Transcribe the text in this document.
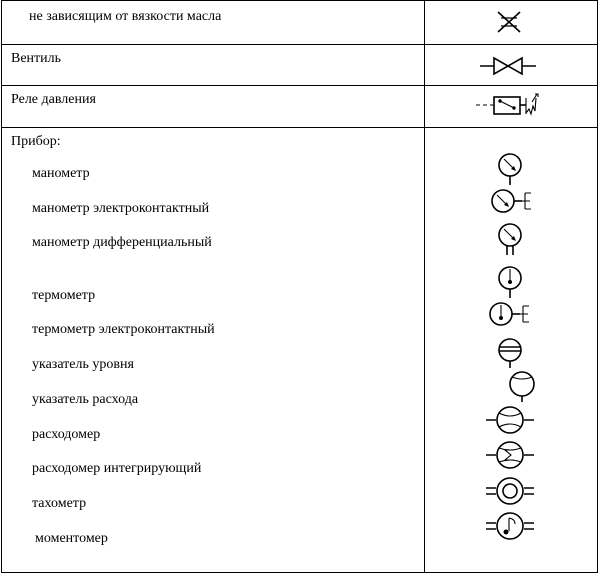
не зависящим от вязкости масла
Вентиль
Реле давления
Прибор:
манометр
манометр электроконтактный
манометр дифференциальный
термометр
термометр электроконтактный
указатель уровня
указатель расхода
расходомер
расходомер интегрирующий
тахометр
моментомер
